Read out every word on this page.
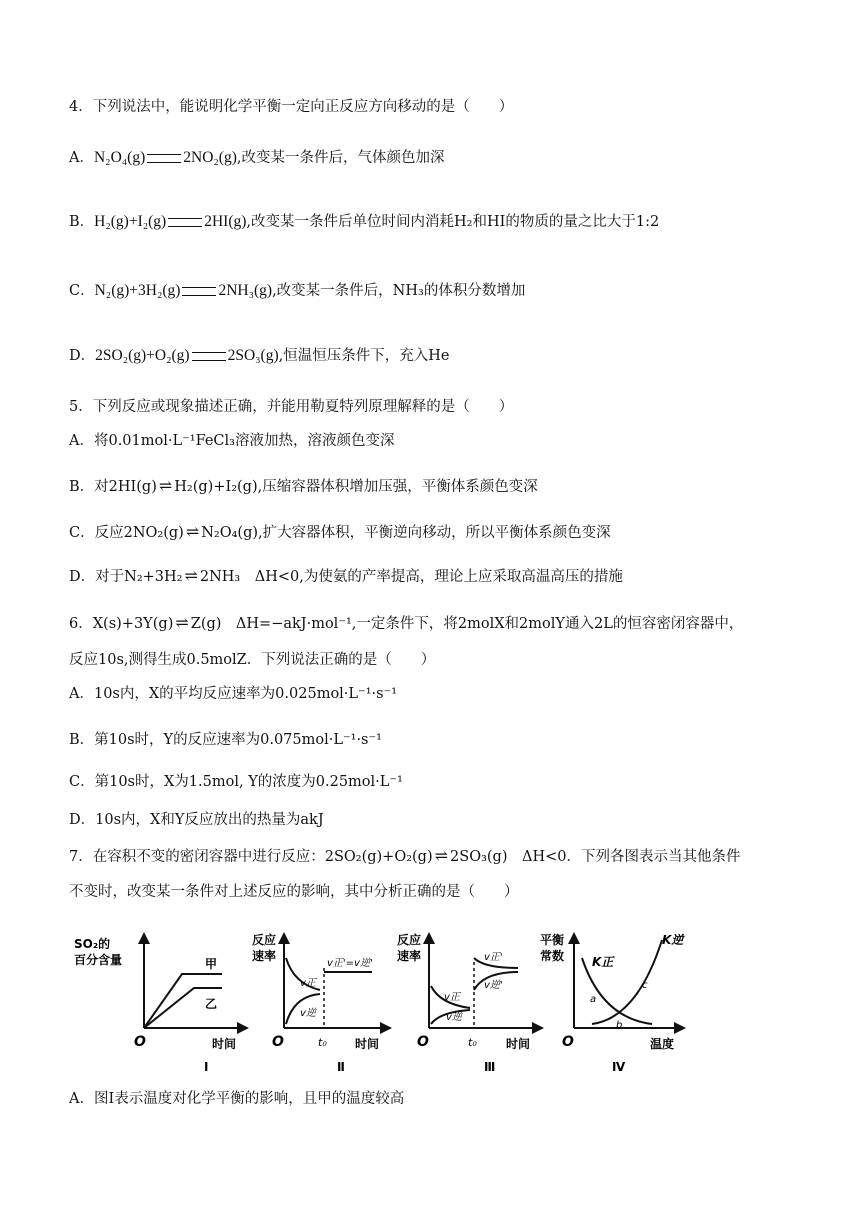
4．下列说法中，能说明化学平衡一定向正反应方向移动的是（　　）
A．N₂O₄(g) 2NO₂(g),改变某一条件后，气体颜色加深
B．H₂(g)+I₂(g) 2HI(g),改变某一条件后单位时间内消耗H₂和HI的物质的量之比大于1:2
C．N₂(g)+3H₂(g) 2NH₃(g),改变某一条件后，NH₃的体积分数增加
D．2SO₂(g)+O₂(g) 2SO₃(g),恒温恒压条件下，充入He
5．下列反应或现象描述正确，并能用勒夏特列原理解释的是（　　）
A．将0.01mol·L⁻¹FeCl₃溶液加热，溶液颜色变深
B．对2HI(g) ⇌ H₂(g)+I₂(g),压缩容器体积增加压强，平衡体系颜色变深
C．反应2NO₂(g) ⇌ N₂O₄(g),扩大容器体积，平衡逆向移动，所以平衡体系颜色变深
D．对于N₂+3H₂ ⇌ 2NH₃　ΔH<0,为使氨的产率提高，理论上应采取高温高压的措施
6．X(s)+3Y(g) ⇌ Z(g)　ΔH=−akJ·mol⁻¹,一定条件下，将2molX和2molY通入2L的恒容密闭容器中，
反应10s,测得生成0.5molZ．下列说法正确的是（　　）
A．10s内，X的平均反应速率为0.025mol·L⁻¹·s⁻¹
B．第10s时，Y的反应速率为0.075mol·L⁻¹·s⁻¹
C．第10s时，X为1.5mol, Y的浓度为0.25mol·L⁻¹
D．10s内，X和Y反应放出的热量为akJ
7．在容积不变的密闭容器中进行反应：2SO₂(g)+O₂(g) ⇌ 2SO₃(g)　ΔH<0．下列各图表示当其他条件
不变时，改变某一条件对上述反应的影响，其中分析正确的是（　　）
SO₂的
百分含量	甲
乙
O	时间
Ⅰ
反应
速率
v正
v逆
v正'=v逆'
O	t₀ 时间
Ⅱ
反应
速率
v正
v逆
v正'
v逆'
O	t₀ 时间
Ⅲ
平衡
常数 K正
K逆
a
b
c
O	温度
Ⅳ
A．图Ⅰ表示温度对化学平衡的影响，且甲的温度较高
